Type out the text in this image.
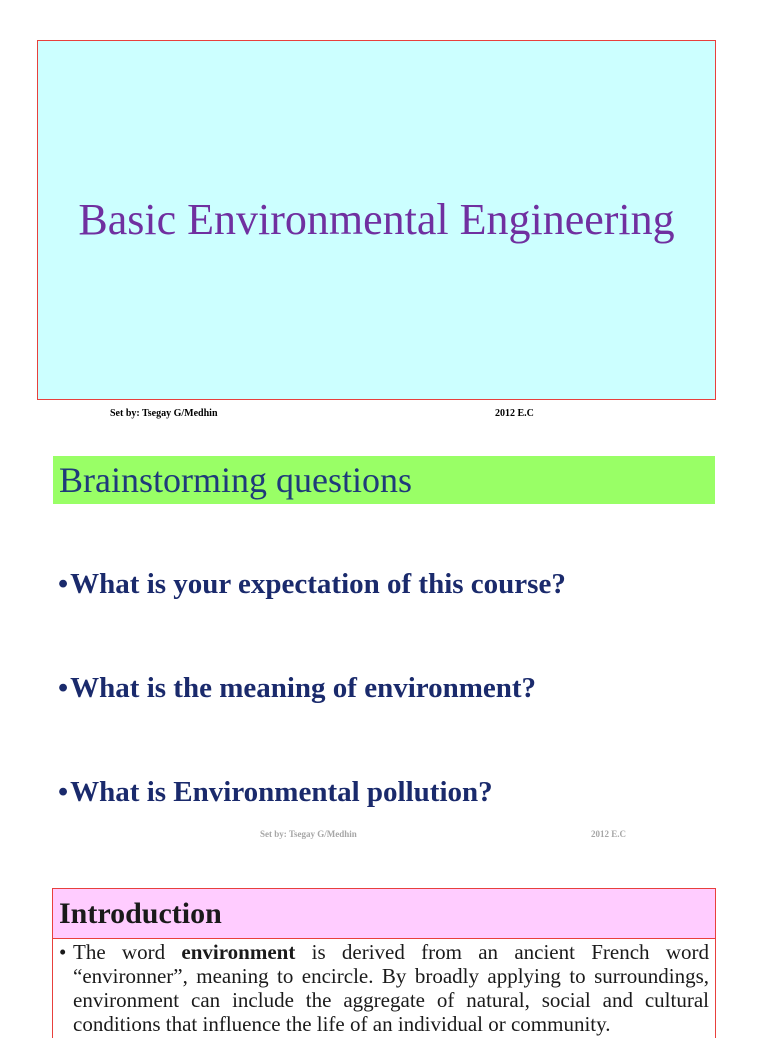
Basic Environmental Engineering
Set by: Tsegay G/Medhin	2012 E.C
Brainstorming questions
• What is your expectation of this course?
• What is the meaning of environment?
• What is Environmental pollution?
Set by: Tsegay G/Medhin	2012 E.C
Introduction
• The word environment is derived from an ancient French word “environner”, meaning to encircle. By broadly applying to surroundings, environment can include the aggregate of natural, social and cultural conditions that influence the life of an individual or community.
